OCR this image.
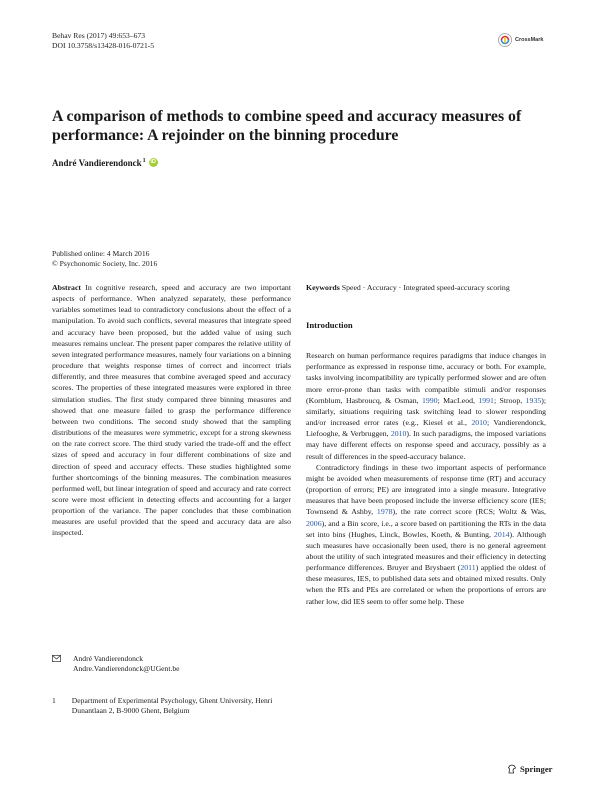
Behav Res (2017) 49:653–673
DOI 10.3758/s13428-016-0721-5
CrossMark
A comparison of methods to combine speed and accuracy measures of performance: A rejoinder on the binning procedure
André Vandierendonck$^1$ iD
Published online: 4 March 2016
© Psychonomic Society, Inc. 2016

Abstract In cognitive research, speed and accuracy are two important aspects of performance. When analyzed separately, these performance variables sometimes lead to contradictory conclusions about the effect of a manipulation. To avoid such conflicts, several measures that integrate speed and accuracy have been proposed, but the added value of using such measures remains unclear. The present paper compares the relative utility of seven integrated performance measures, namely four variations on a binning procedure that weights response times of correct and incorrect trials differently, and three measures that combine averaged speed and accuracy scores. The properties of these integrated measures were explored in three simulation studies. The first study compared three binning measures and showed that one measure failed to grasp the performance difference between two conditions. The second study showed that the sampling distributions of the measures were symmetric, except for a strong skewness on the rate correct score. The third study varied the trade-off and the effect sizes of speed and accuracy in four different combinations of size and direction of speed and accuracy effects. These studies highlighted some further shortcomings of the binning measures. The combination measures performed well, but linear integration of speed and accuracy and rate correct score were most efficient in detecting effects and accounting for a larger proportion of the variance. The paper concludes that these combination measures are useful provided that the speed and accuracy data are also inspected.

Keywords Speed · Accuracy · Integrated speed-accuracy scoring

Introduction

Research on human performance requires paradigms that induce changes in performance as expressed in response time, accuracy or both. For example, tasks involving incompatibility are typically performed slower and are often more error-prone than tasks with compatible stimuli and/or responses (Kornblum, Hasbroucq, & Osman, 1990; MacLeod, 1991; Stroop, 1935); similarly, situations requiring task switching lead to slower responding and/or increased error rates (e.g., Kiesel et al., 2010; Vandierendonck, Liefooghe, & Verbruggen, 2010). In such paradigms, the imposed variations may have different effects on response speed and accuracy, possibly as a result of differences in the speed-accuracy balance.

Contradictory findings in these two important aspects of performance might be avoided when measurements of response time (RT) and accuracy (proportion of errors; PE) are integrated into a single measure. Integrative measures that have been proposed include the inverse efficiency score (IES; Townsend & Ashby, 1978), the rate correct score (RCS; Woltz & Was, 2006), and a Bin score, i.e., a score based on partitioning the RTs in the data set into bins (Hughes, Linck, Bowles, Koeth, & Bunting, 2014). Although such measures have occasionally been used, there is no general agreement about the utility of such integrated measures and their efficiency in detecting performance differences. Bruyer and Brysbaert (2011) applied the oldest of these measures, IES, to published data sets and obtained mixed results. Only when the RTs and PEs are correlated or when the proportions of errors are rather low, did IES seem to offer some help. These

André Vandierendonck
Andre.Vandierendonck@UGent.be
1 Department of Experimental Psychology, Ghent University, Henri Dunantlaan 2, B-9000 Ghent, Belgium
Springer
